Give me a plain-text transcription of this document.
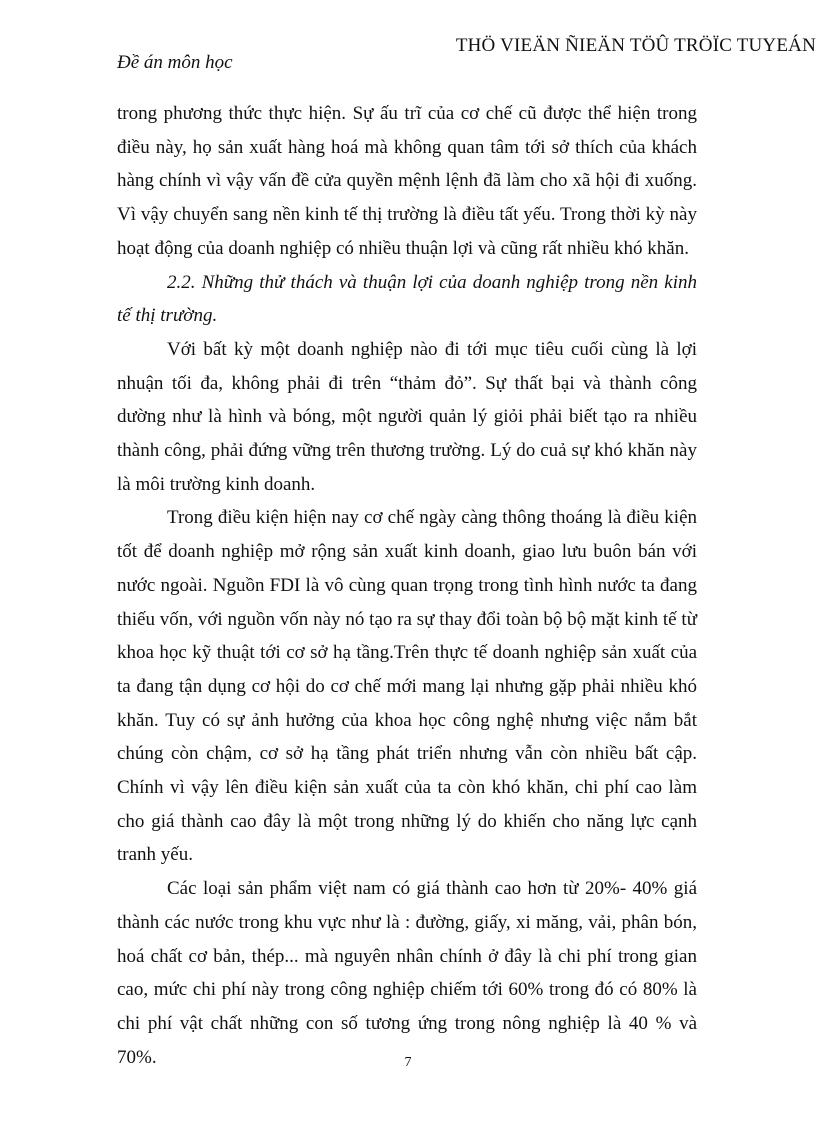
THÖ VIEÄN ÑIEÄN TÖÛ TRÖÏC TUYEÁN
Đề án môn học

trong phương thức thực hiện. Sự ấu trĩ của cơ chế cũ được thể hiện trong điều này, họ sản xuất hàng hoá mà không quan tâm tới sở thích của khách hàng chính vì vậy vấn đề cửa quyền mệnh lệnh đã làm cho xã hội đi xuống. Vì vậy chuyển sang nền kinh tế thị trường là điều tất yếu. Trong thời kỳ này hoạt động của doanh nghiệp có nhiều thuận lợi và cũng rất nhiều khó khăn.

2.2. Những thử thách và thuận lợi của doanh nghiệp trong nền kinh tế thị trường.

Với bất kỳ một doanh nghiệp nào đi tới mục tiêu cuối cùng là lợi nhuận tối đa, không phải đi trên “thảm đỏ”. Sự thất bại và thành công dường như là hình và bóng, một người quản lý giỏi phải biết tạo ra nhiều thành công, phải đứng vững trên thương trường. Lý do cuả sự khó khăn này là môi trường kinh doanh.

Trong điều kiện hiện nay cơ chế ngày càng thông thoáng là điều kiện tốt để doanh nghiệp mở rộng sản xuất kinh doanh, giao lưu buôn bán với nước ngoài. Nguồn FDI là vô cùng quan trọng trong tình hình nước ta đang thiếu vốn, với nguồn vốn này nó tạo ra sự thay đổi toàn bộ bộ mặt kinh tế từ khoa học kỹ thuật tới cơ sở hạ tầng.Trên thực tế doanh nghiệp sản xuất của ta đang tận dụng cơ hội do cơ chế mới mang lại nhưng gặp phải nhiều khó khăn. Tuy có sự ảnh hưởng của khoa học công nghệ nhưng việc nắm bắt chúng còn chậm, cơ sở hạ tầng phát triển nhưng vẫn còn nhiều bất cập. Chính vì vậy lên điều kiện sản xuất của ta còn khó khăn, chi phí cao làm cho giá thành cao đây là một trong những lý do khiến cho năng lực cạnh tranh yếu.

Các loại sản phẩm việt nam có giá thành cao hơn từ 20%- 40% giá thành các nước trong khu vực như là : đường, giấy, xi măng, vải, phân bón, hoá chất cơ bản, thép... mà nguyên nhân chính ở đây là chi phí trong gian cao, mức chi phí này trong công nghiệp chiếm tới 60% trong đó có 80% là chi phí vật chất những con số tương ứng trong nông nghiệp là 40 % và 70%.	7
